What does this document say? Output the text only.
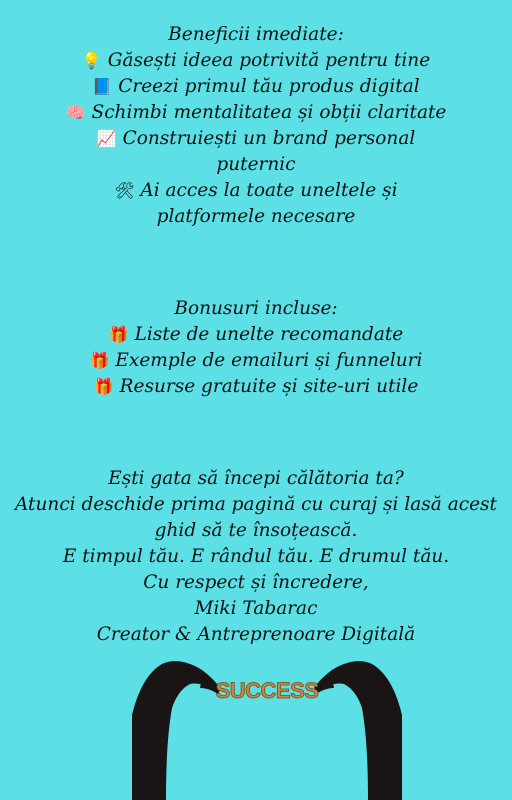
Beneficii imediate:
💡 Găsești ideea potrivită pentru tine
📘 Creezi primul tău produs digital
🧠 Schimbi mentalitatea și obții claritate
📈 Construiești un brand personal
puternic
🛠 Ai acces la toate uneltele și
platformele necesare
Bonusuri incluse:
🎁 Liste de unelte recomandate
🎁 Exemple de emailuri și funneluri
🎁 Resurse gratuite și site-uri utile
Ești gata să începi călătoria ta?
Atunci deschide prima pagină cu curaj și lasă acest
ghid să te însoțească.
E timpul tău. E rândul tău. E drumul tău.
Cu respect și încredere,
Miki Tabarac
Creator & Antreprenoare Digitală
SUCCESS
